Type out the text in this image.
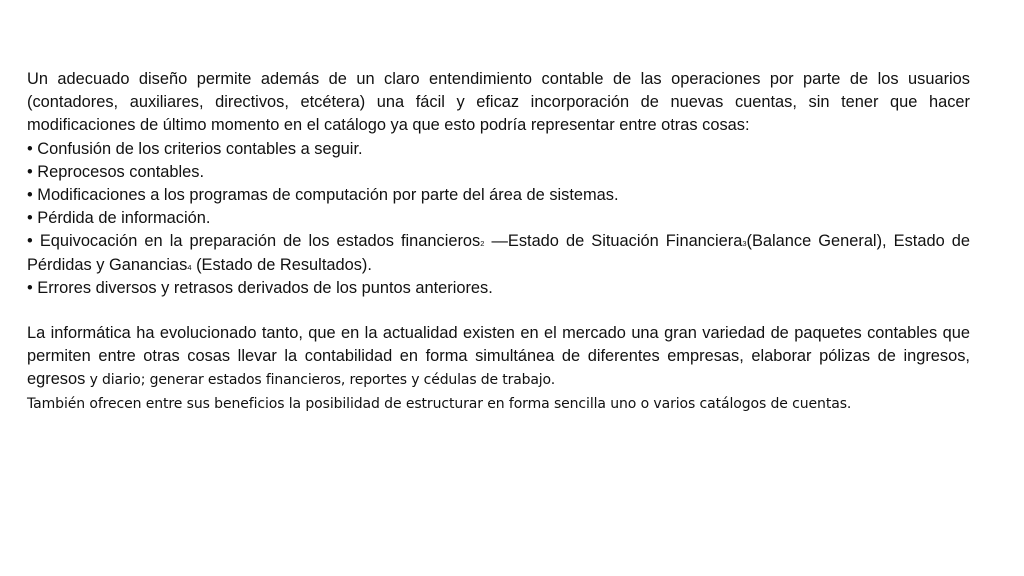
Un adecuado diseño permite además de un claro entendimiento contable de las operaciones por parte de los usuarios (contadores, auxiliares, directivos, etcétera) una fácil y eficaz incorporación de nuevas cuentas, sin tener que hacer modificaciones de último momento en el catálogo ya que esto podría representar entre otras cosas:

• Confusión de los criterios contables a seguir.

• Reprocesos contables.

• Modificaciones a los programas de computación por parte del área de sistemas.

• Pérdida de información.

• Equivocación en la preparación de los estados financieros2 —Estado de Situación Financiera3(Balance General), Estado de Pérdidas y Ganancias4 (Estado de Resultados).

• Errores diversos y retrasos derivados de los puntos anteriores.

La informática ha evolucionado tanto, que en la actualidad existen en el mercado una gran variedad de paquetes contables que permiten entre otras cosas llevar la contabilidad en forma simultánea de diferentes empresas, elaborar pólizas de ingresos, egresos y diario; generar estados financieros, reportes y cédulas de trabajo.

También ofrecen entre sus beneficios la posibilidad de estructurar en forma sencilla uno o varios catálogos de cuentas.
